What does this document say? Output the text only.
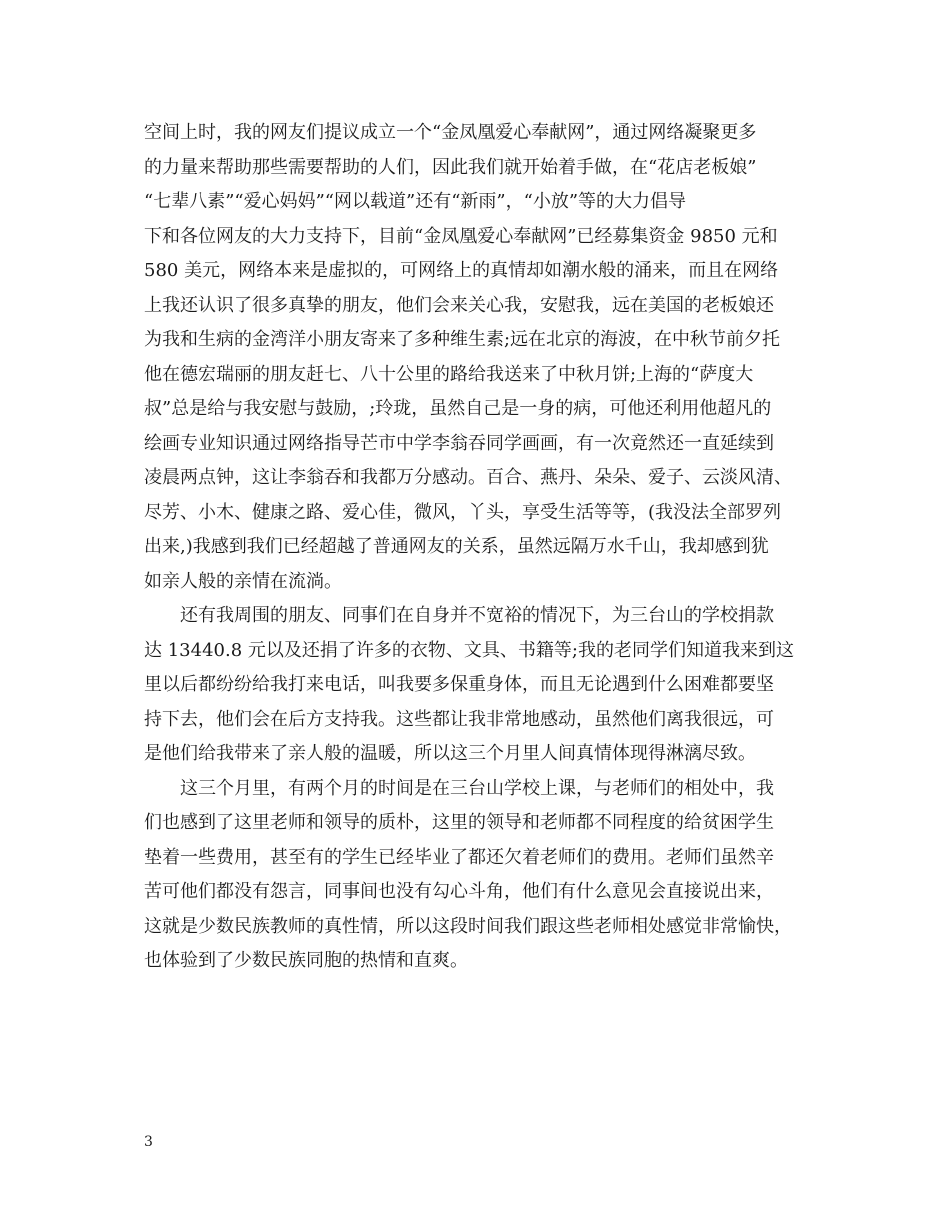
空间上时，我的网友们提议成立一个“金凤凰爱心奉献网”，通过网络凝聚更多
的力量来帮助那些需要帮助的人们，因此我们就开始着手做，在“花店老板娘”
“七辈八素”“爱心妈妈”“网以载道”还有“新雨”，“小放”等的大力倡导
下和各位网友的大力支持下，目前“金凤凰爱心奉献网”已经募集资金 9850 元和
580 美元，网络本来是虚拟的，可网络上的真情却如潮水般的涌来，而且在网络
上我还认识了很多真挚的朋友，他们会来关心我，安慰我，远在美国的老板娘还
为我和生病的金湾洋小朋友寄来了多种维生素;远在北京的海波，在中秋节前夕托
他在德宏瑞丽的朋友赶七、八十公里的路给我送来了中秋月饼;上海的“萨度大
叔”总是给与我安慰与鼓励，;玲珑，虽然自己是一身的病，可他还利用他超凡的
绘画专业知识通过网络指导芒市中学李翁吞同学画画，有一次竟然还一直延续到
凌晨两点钟，这让李翁吞和我都万分感动。百合、燕丹、朵朵、爱子、云淡风清、
尽芳、小木、健康之路、爱心佳，微风，丫头，享受生活等等，(我没法全部罗列
出来,)我感到我们已经超越了普通网友的关系，虽然远隔万水千山，我却感到犹
如亲人般的亲情在流淌。
　　还有我周围的朋友、同事们在自身并不宽裕的情况下，为三台山的学校捐款
达 13440.8 元以及还捐了许多的衣物、文具、书籍等;我的老同学们知道我来到这
里以后都纷纷给我打来电话，叫我要多保重身体，而且无论遇到什么困难都要坚
持下去，他们会在后方支持我。这些都让我非常地感动，虽然他们离我很远，可
是他们给我带来了亲人般的温暖，所以这三个月里人间真情体现得淋漓尽致。
　　这三个月里，有两个月的时间是在三台山学校上课，与老师们的相处中，我
们也感到了这里老师和领导的质朴，这里的领导和老师都不同程度的给贫困学生
垫着一些费用，甚至有的学生已经毕业了都还欠着老师们的费用。老师们虽然辛
苦可他们都没有怨言，同事间也没有勾心斗角，他们有什么意见会直接说出来，
这就是少数民族教师的真性情，所以这段时间我们跟这些老师相处感觉非常愉快，
也体验到了少数民族同胞的热情和直爽。
3
